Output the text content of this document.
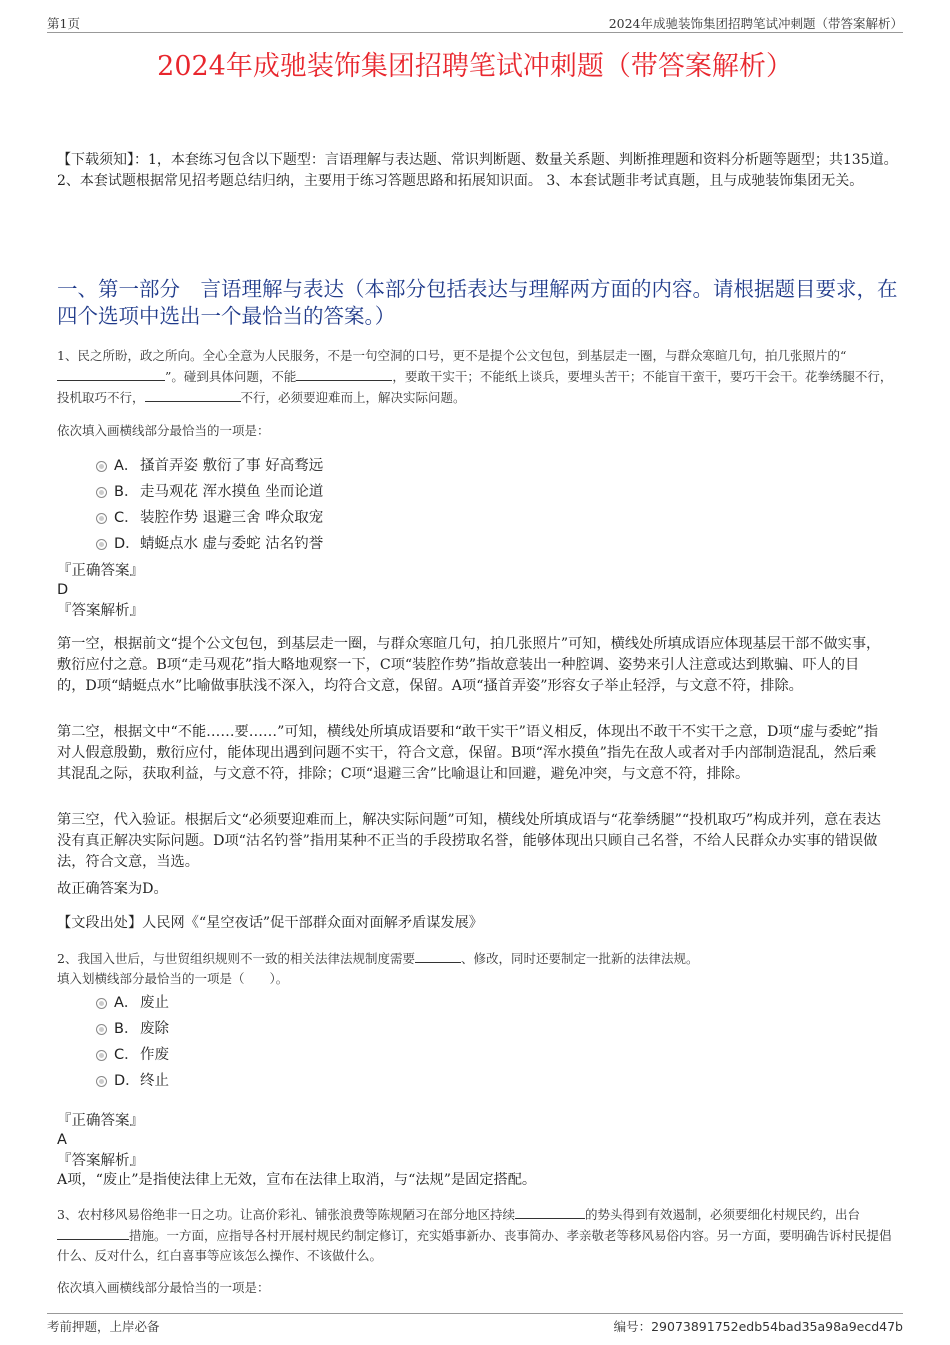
第1页	2024年成驰装饰集团招聘笔试冲刺题（带答案解析）
2024年成驰装饰集团招聘笔试冲刺题（带答案解析）
【下载须知】：1，本套练习包含以下题型：言语理解与表达题、常识判断题、数量关系题、判断推理题和资料分析题等题型；共135道。 2、本套试题根据常见招考题总结归纳，主要用于练习答题思路和拓展知识面。 3、本套试题非考试真题，且与成驰装饰集团无关。
一、第一部分　言语理解与表达（本部分包括表达与理解两方面的内容。请根据题目要求，在四个选项中选出一个最恰当的答案。）
1、民之所盼，政之所向。全心全意为人民服务，不是一句空洞的口号，更不是提个公文包包，到基层走一圈，与群众寒暄几句，拍几张照片的“”。碰到具体问题，不能	，要敢干实干；不能纸上谈兵，要埋头苦干；不能盲干蛮干，要巧干会干。花拳绣腿不行，投机取巧不行，	不行，必须要迎难而上，解决实际问题。
依次填入画横线部分最恰当的一项是：
A． 搔首弄姿 敷衍了事 好高骛远
B． 走马观花 浑水摸鱼 坐而论道
C．装腔作势 退避三舍 哗众取宠
D．蜻蜓点水 虚与委蛇 沽名钓誉
『正确答案』
D
『答案解析』
第一空，根据前文“提个公文包包，到基层走一圈，与群众寒暄几句，拍几张照片”可知，横线处所填成语应体现基层干部不做实事，敷衍应付之意。B项“走马观花”指大略地观察一下，C项“装腔作势”指故意装出一种腔调、姿势来引人注意或达到欺骗、吓人的目的，D项“蜻蜓点水”比喻做事肤浅不深入，均符合文意，保留。A项“搔首弄姿”形容女子举止轻浮，与文意不符，排除。
第二空，根据文中“不能……要……”可知，横线处所填成语要和“敢干实干”语义相反，体现出不敢干不实干之意，D项“虚与委蛇”指对人假意殷勤，敷衍应付，能体现出遇到问题不实干，符合文意，保留。B项“浑水摸鱼”指先在敌人或者对手内部制造混乱，然后乘其混乱之际，获取利益，与文意不符，排除；C项“退避三舍”比喻退让和回避，避免冲突，与文意不符，排除。
第三空，代入验证。根据后文“必须要迎难而上，解决实际问题”可知，横线处所填成语与“花拳绣腿”“投机取巧”构成并列，意在表达没有真正解决实际问题。D项“沽名钓誉”指用某种不正当的手段捞取名誉，能够体现出只顾自己名誉，不给人民群众办实事的错误做法，符合文意，当选。
故正确答案为D。
【文段出处】人民网《“星空夜话”促干部群众面对面解矛盾谋发展》
2、我国入世后，与世贸组织规则不一致的相关法律法规制度需要	、修改，同时还要制定一批新的法律法规。
填入划横线部分最恰当的一项是（　　）。
A． 废止
B． 废除
C．作废
D．终止
『正确答案』
A
『答案解析』
A项，“废止”是指使法律上无效，宣布在法律上取消，与“法规”是固定搭配。
3、农村移风易俗绝非一日之功。让高价彩礼、铺张浪费等陈规陋习在部分地区持续	的势头得到有效遏制，必须要细化村规民约，出台措施。一方面，应指导各村开展村规民约制定修订，充实婚事新办、丧事简办、孝亲敬老等移风易俗内容。另一方面，要明确告诉村民提倡什么、反对什么，红白喜事等应该怎么操作、不该做什么。
依次填入画横线部分最恰当的一项是：
考前押题，上岸必备	编号：29073891752edb54bad35a98a9ecd47b
